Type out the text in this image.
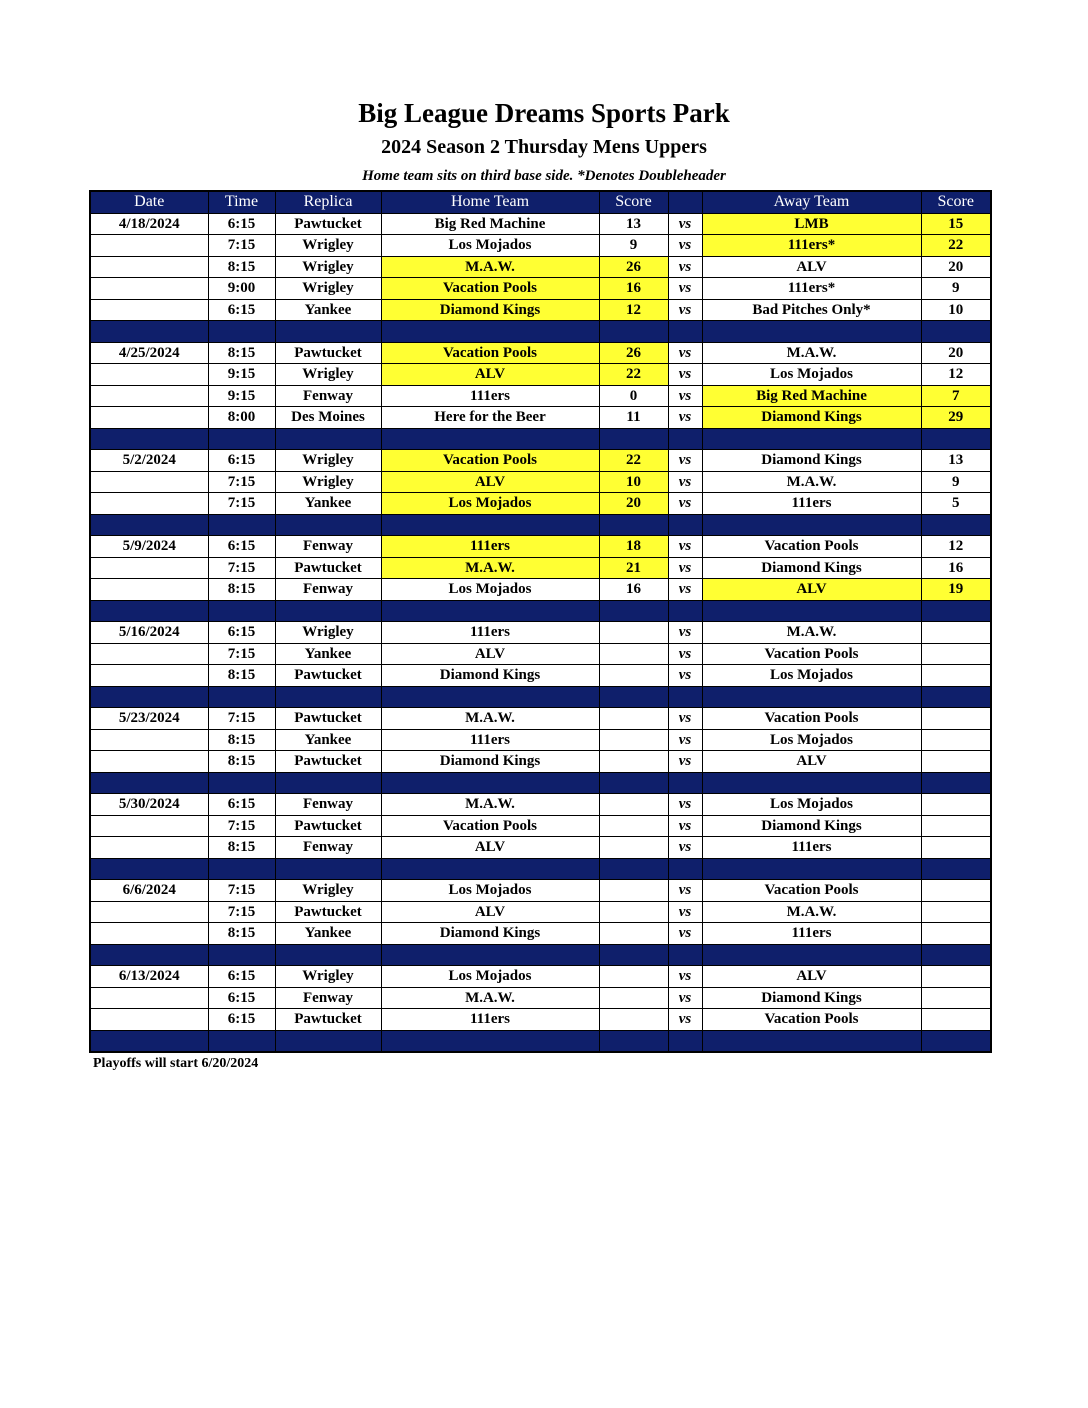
Big League Dreams Sports Park
2024 Season 2 Thursday Mens Uppers
Home team sits on third base side. *Denotes Doubleheader
Date	Time	Replica	Home Team	Score		Away Team	Score
4/18/2024	6:15	Pawtucket	Big Red Machine	13	vs	LMB	15
	7:15	Wrigley	Los Mojados	9	vs	111ers*	22
	8:15	Wrigley	M.A.W.	26	vs	ALV	20
	9:00	Wrigley	Vacation Pools	16	vs	111ers*	9
	6:15	Yankee	Diamond Kings	12	vs	Bad Pitches Only*	10

4/25/2024	8:15	Pawtucket	Vacation Pools	26	vs	M.A.W.	20
	9:15	Wrigley	ALV	22	vs	Los Mojados	12
	9:15	Fenway	111ers	0	vs	Big Red Machine	7
	8:00	Des Moines	Here for the Beer	11	vs	Diamond Kings	29

5/2/2024	6:15	Wrigley	Vacation Pools	22	vs	Diamond Kings	13
	7:15	Wrigley	ALV	10	vs	M.A.W.	9
	7:15	Yankee	Los Mojados	20	vs	111ers	5

5/9/2024	6:15	Fenway	111ers	18	vs	Vacation Pools	12
	7:15	Pawtucket	M.A.W.	21	vs	Diamond Kings	16
	8:15	Fenway	Los Mojados	16	vs	ALV	19

5/16/2024	6:15	Wrigley	111ers		vs	M.A.W.	
	7:15	Yankee	ALV		vs	Vacation Pools	
	8:15	Pawtucket	Diamond Kings		vs	Los Mojados	

5/23/2024	7:15	Pawtucket	M.A.W.		vs	Vacation Pools	
	8:15	Yankee	111ers		vs	Los Mojados	
	8:15	Pawtucket	Diamond Kings		vs	ALV	

5/30/2024	6:15	Fenway	M.A.W.		vs	Los Mojados	
	7:15	Pawtucket	Vacation Pools		vs	Diamond Kings	
	8:15	Fenway	ALV		vs	111ers	

6/6/2024	7:15	Wrigley	Los Mojados		vs	Vacation Pools	
	7:15	Pawtucket	ALV		vs	M.A.W.	
	8:15	Yankee	Diamond Kings		vs	111ers	

6/13/2024	6:15	Wrigley	Los Mojados		vs	ALV	
	6:15	Fenway	M.A.W.		vs	Diamond Kings	
	6:15	Pawtucket	111ers		vs	Vacation Pools	

Playoffs will start 6/20/2024
